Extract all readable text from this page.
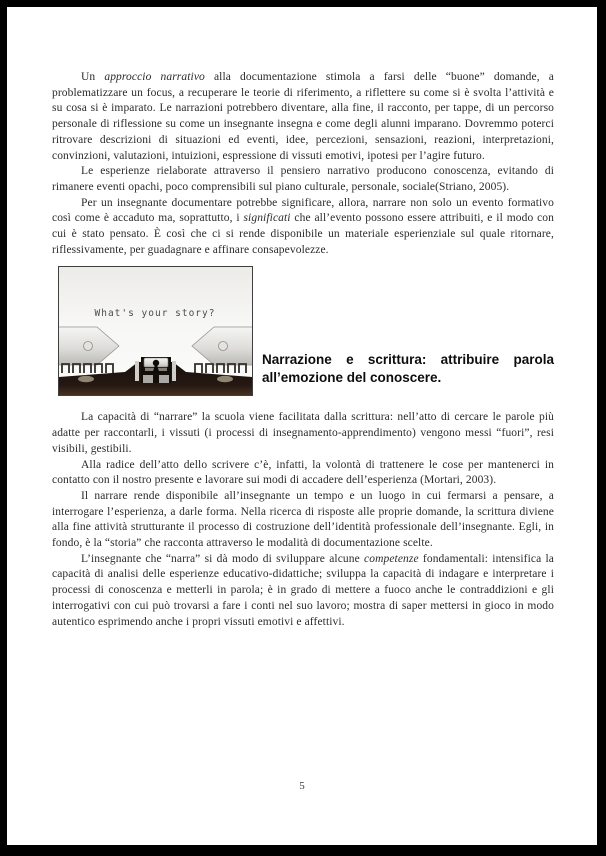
Un approccio narrativo alla documentazione stimola a farsi delle “buone” domande, a problematizzare un focus, a recuperare le teorie di riferimento, a riflettere su come si è svolta l’attività e su cosa si è imparato. Le narrazioni potrebbero diventare, alla fine, il racconto, per tappe, di un percorso personale di riflessione su come un insegnante insegna e come degli alunni imparano. Dovremmo poterci ritrovare descrizioni di situazioni ed eventi, idee, percezioni, sensazioni, reazioni, interpretazioni, convinzioni, valutazioni, intuizioni, espressione di vissuti emotivi, ipotesi per l’agire futuro.

Le esperienze rielaborate attraverso il pensiero narrativo producono conoscenza, evitando di rimanere eventi opachi, poco comprensibili sul piano culturale, personale, sociale(Striano, 2005).

Per un insegnante documentare potrebbe significare, allora, narrare non solo un evento formativo così come è accaduto ma, soprattutto, i significati che all’evento possono essere attribuiti, e il modo con cui è stato pensato. È così che ci si rende disponibile un materiale esperienziale sul quale ritornare, riflessivamente, per guadagnare e affinare consapevolezze.

What's your story?
Narrazione e scrittura: attribuire parola all’emozione del conoscere.

La capacità di “narrare” la scuola viene facilitata dalla scrittura: nell’atto di cercare le parole più adatte per raccontarli, i vissuti (i processi di insegnamento-apprendimento) vengono messi “fuori”, resi visibili, gestibili.

Alla radice dell’atto dello scrivere c’è, infatti, la volontà di trattenere le cose per mantenerci in contatto con il nostro presente e lavorare sui modi di accadere dell’esperienza (Mortari, 2003).

Il narrare rende disponibile all’insegnante un tempo e un luogo in cui fermarsi a pensare, a interrogare l’esperienza, a darle forma. Nella ricerca di risposte alle proprie domande, la scrittura diviene alla fine attività strutturante il processo di costruzione dell’identità professionale dell’insegnante. Egli, in fondo, è la “storia” che racconta attraverso le modalità di documentazione scelte.

L’insegnante che “narra” si dà modo di sviluppare alcune competenze fondamentali: intensifica la capacità di analisi delle esperienze educativo-didattiche; sviluppa la capacità di indagare e interpretare i processi di conoscenza e metterli in parola; è in grado di mettere a fuoco anche le contraddizioni e gli interrogativi con cui può trovarsi a fare i conti nel suo lavoro; mostra di saper mettersi in gioco in modo autentico esprimendo anche i propri vissuti emotivi e affettivi.

5
